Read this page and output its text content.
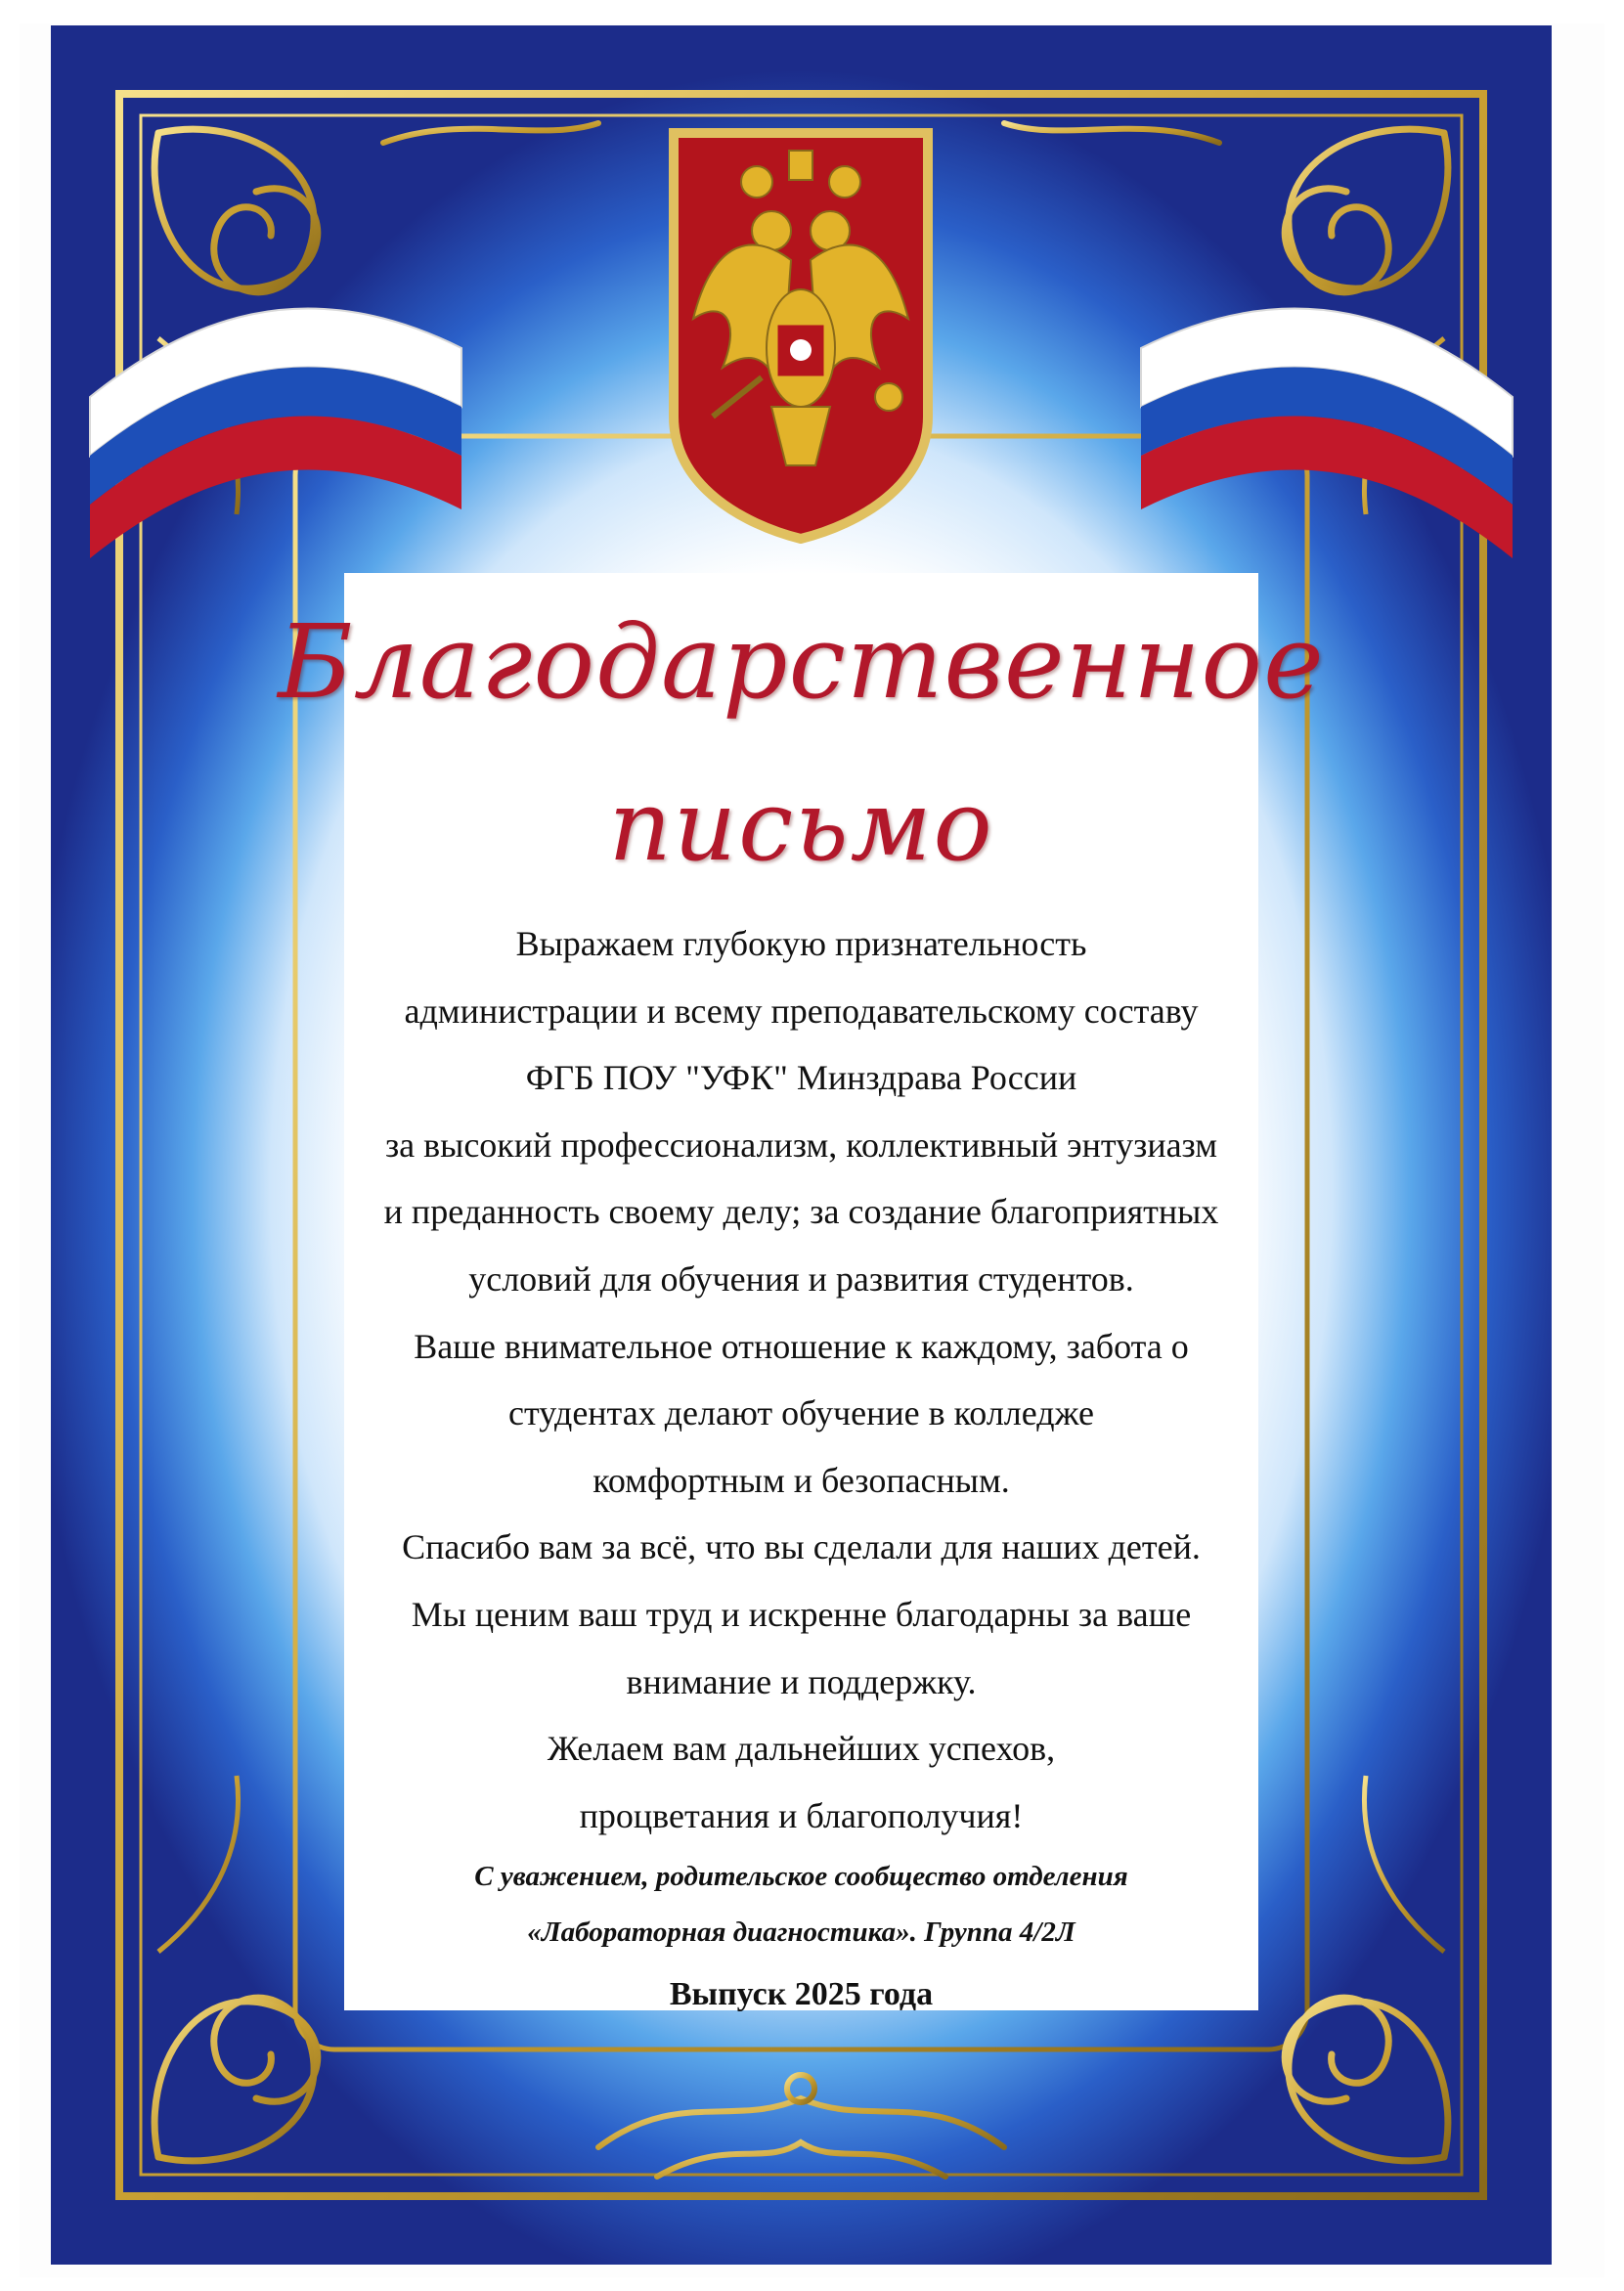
Благодарственное
письмо
Выражаем глубокую признательность
администрации и всему преподавательскому составу
ФГБ ПОУ "УФК" Минздрава России
за высокий профессионализм, коллективный энтузиазм
и преданность своему делу; за создание благоприятных
условий для обучения и развития студентов.
Ваше внимательное отношение к каждому, забота о
студентах делают обучение в колледже
комфортным и безопасным.
Спасибо вам за всё, что вы сделали для наших детей.
Мы ценим ваш труд и искренне благодарны за ваше
внимание и поддержку.
Желаем вам дальнейших успехов,
процветания и благополучия!
С уважением, родительское сообщество отделения
«Лабораторная диагностика». Группа 4/2Л
Выпуск 2025 года
